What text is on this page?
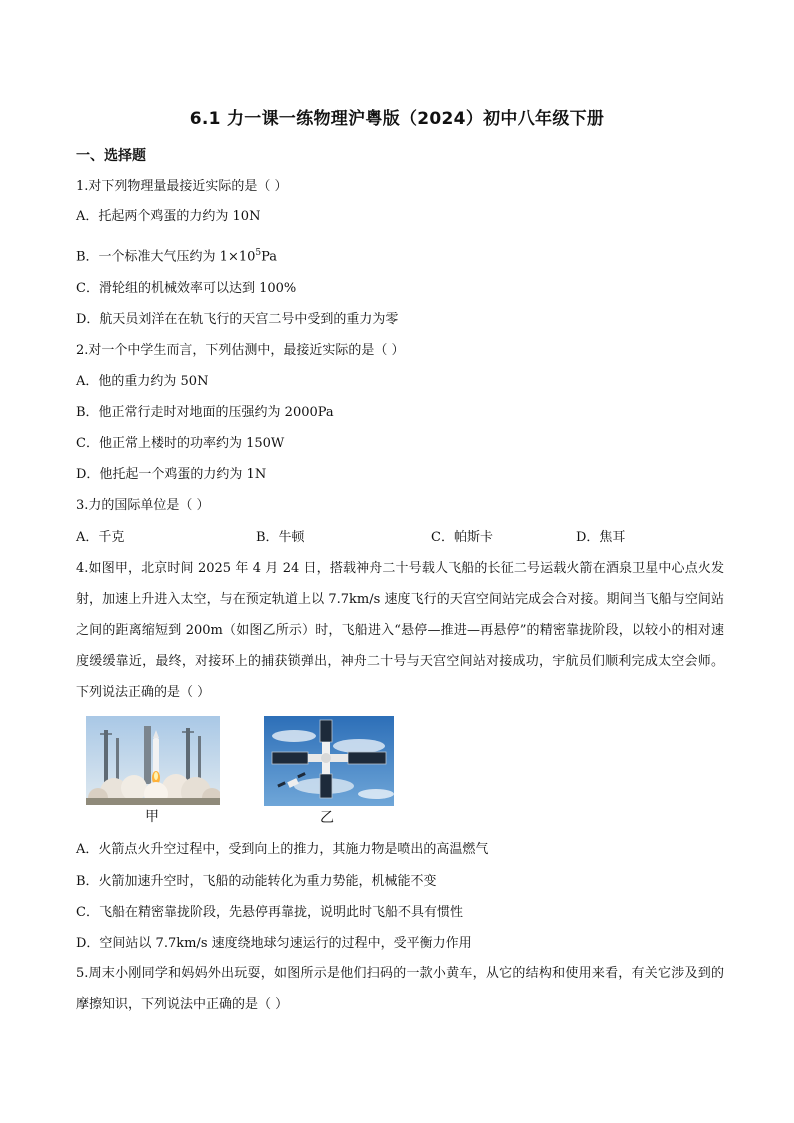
6.1 力一课一练物理沪粤版（2024）初中八年级下册
一、选择题
1.对下列物理量最接近实际的是（ ）
A．托起两个鸡蛋的力约为 10N
B．一个标准大气压约为 $1\times 10^5Pa$
C．滑轮组的机械效率可以达到 100%
D．航天员刘洋在在轨飞行的天宫二号中受到的重力为零
2.对一个中学生而言，下列估测中，最接近实际的是（ ）
A．他的重力约为 50N
B．他正常行走时对地面的压强约为 2000Pa
C．他正常上楼时的功率约为 150W
D．他托起一个鸡蛋的力约为 1N
3.力的国际单位是（ ）
A．千克	B．牛顿	C．帕斯卡	D．焦耳
4.如图甲，北京时间 2025 年 4 月 24 日，搭载神舟二十号载人飞船的长征二号运载火箭在酒泉卫星中心点火发射，加速上升进入太空，与在预定轨道上以 7.7km/s 速度飞行的天宫空间站完成会合对接。期间当飞船与空间站之间的距离缩短到 200m（如图乙所示）时，飞船进入“悬停—推进—再悬停”的精密靠拢阶段，以较小的相对速度缓缓靠近，最终，对接环上的捕获锁弹出，神舟二十号与天宫空间站对接成功，宇航员们顺利完成太空会师。下列说法正确的是（ ）
甲	乙
A．火箭点火升空过程中，受到向上的推力，其施力物是喷出的高温燃气
B．火箭加速升空时，飞船的动能转化为重力势能，机械能不变
C．飞船在精密靠拢阶段，先悬停再靠拢，说明此时飞船不具有惯性
D．空间站以 7.7km/s 速度绕地球匀速运行的过程中，受平衡力作用
5.周末小刚同学和妈妈外出玩耍，如图所示是他们扫码的一款小黄车，从它的结构和使用来看，有关它涉及到的摩擦知识，下列说法中正确的是（ ）
